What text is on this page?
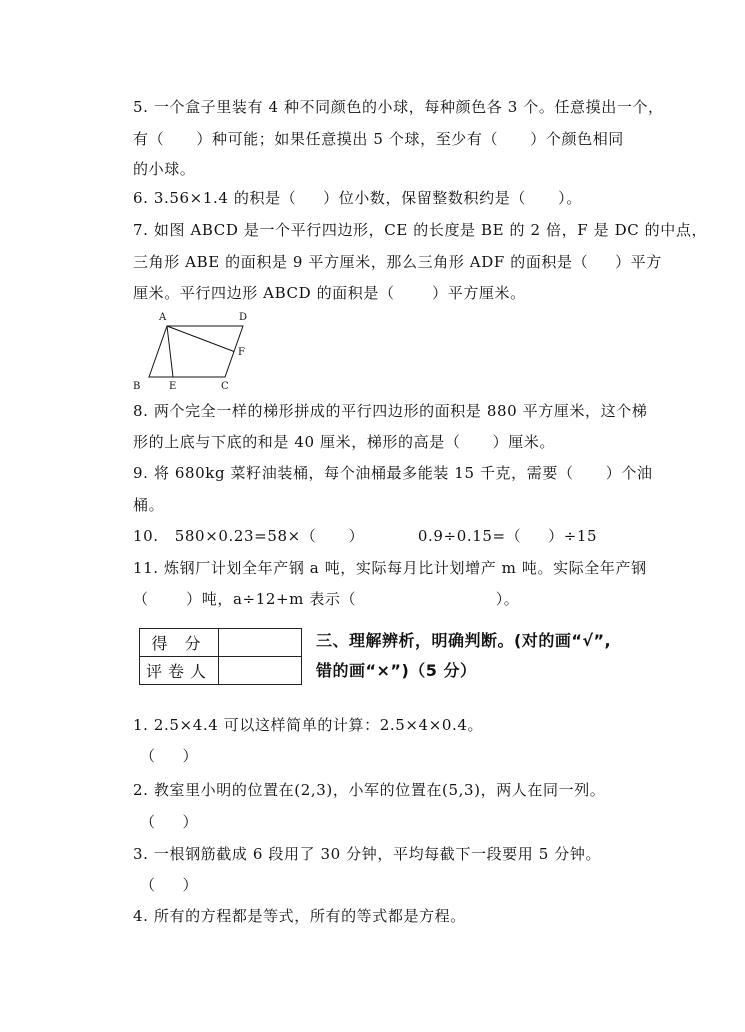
5. 一个盒子里装有 4 种不同颜色的小球，每种颜色各 3 个。任意摸出一个，
有（      ）种可能；如果任意摸出 5 个球，至少有（      ）个颜色相同
的小球。
6. 3.56×1.4 的积是（     ）位小数，保留整数积约是（      ）。
7. 如图 ABCD 是一个平行四边形，CE 的长度是 BE 的 2 倍，F 是 DC 的中点，
三角形 ABE 的面积是 9 平方厘米，那么三角形 ADF 的面积是（     ）平方
厘米。平行四边形 ABCD 的面积是（       ）平方厘米。
A	D
F
B	E	C
8. 两个完全一样的梯形拼成的平行四边形的面积是 880 平方厘米，这个梯
形的上底与下底的和是 40 厘米，梯形的高是（      ）厘米。
9. 将 680kg 菜籽油装桶，每个油桶最多能装 15 千克，需要（      ）个油
桶。
10.   580×0.23=58×（      ）          0.9÷0.15=（     ）÷15
11. 炼钢厂计划全年产钢 a 吨，实际每月比计划增产 m 吨。实际全年产钢
（       ）吨，a÷12+m 表示（                          ）。
得 分	
评卷人	
三、理解辨析，明确判断。(对的画“√”,
错的画“×”)（5 分）
1. 2.5×4.4 可以这样简单的计算：2.5×4×0.4。
（     ）
2. 教室里小明的位置在(2,3)，小军的位置在(5,3)，两人在同一列。
（     ）
3. 一根钢筋截成 6 段用了 30 分钟，平均每截下一段要用 5 分钟。
（     ）
4. 所有的方程都是等式，所有的等式都是方程。
